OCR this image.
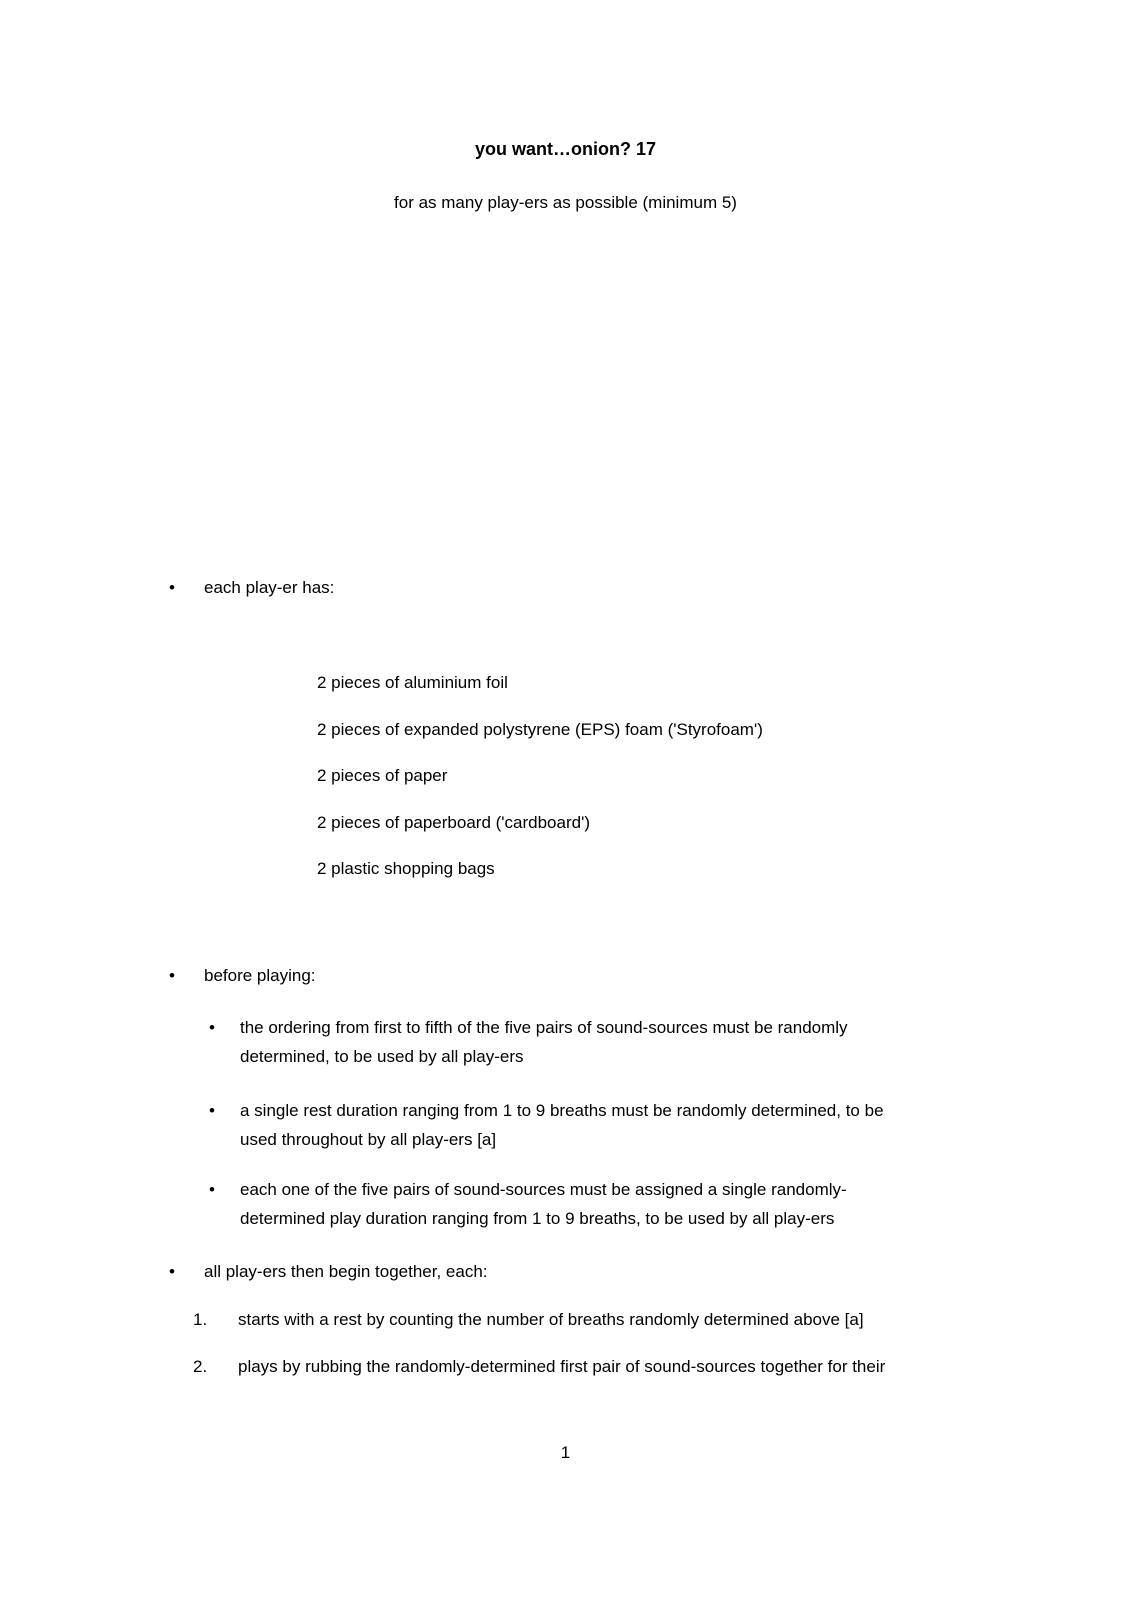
you want…onion? 17
for as many play-ers as possible (minimum 5)
• each play-er has:
2 pieces of aluminium foil
2 pieces of expanded polystyrene (EPS) foam ('Styrofoam')
2 pieces of paper
2 pieces of paperboard ('cardboard')
2 plastic shopping bags
• before playing:
• the ordering from first to fifth of the five pairs of sound-sources must be randomly
determined, to be used by all play-ers
• a single rest duration ranging from 1 to 9 breaths must be randomly determined, to be
used throughout by all play-ers [a]
• each one of the five pairs of sound-sources must be assigned a single randomly-
determined play duration ranging from 1 to 9 breaths, to be used by all play-ers
• all play-ers then begin together, each:
1. starts with a rest by counting the number of breaths randomly determined above [a]
2. plays by rubbing the randomly-determined first pair of sound-sources together for their
1
